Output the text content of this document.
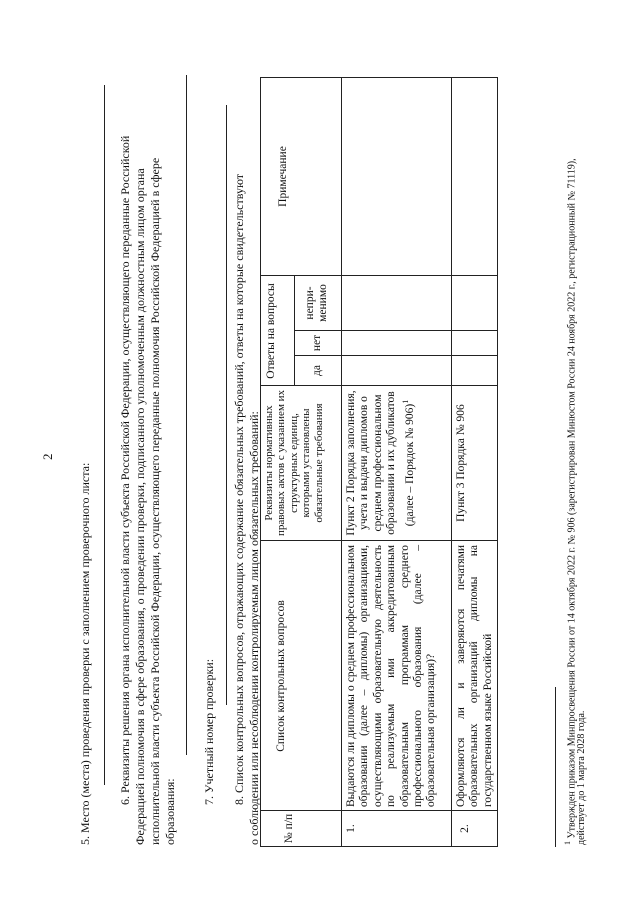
2
5. Место (места) проведения проверки с заполнением проверочного листа: 6. Реквизиты решения органа исполнительной власти субъекта Российской Федерации, осуществляющего переданные Российской Федерацией полномочия в сфере образования, о проведении проверки, подписанного уполномоченным должностным лицом органа исполнительной власти субъекта Российской Федерации, осуществляющего переданные полномочия Российской Федерацией в сфере образования:
7. Учетный номер проверки: 8. Список контрольных вопросов, отражающих содержание обязательных требований, ответы на которые свидетельствуют о соблюдении или несоблюдении контролируемым лицом обязательных требований: № п/п
Список контрольных вопросов
Реквизиты нормативных правовых актов с указанием их структурных единиц, которыми установлены обязательные требования
Ответы на вопросы	да
нет
непри-менимо
Примечание
1.
Выдаются ли дипломы о среднем профессиональном образовании (далее – дипломы) организациями, осуществляющими образовательную деятельность по реализуемым ими аккредитованным образовательным программам среднего профессионального образования (далее – образовательная организация)?
Пункт 2 Порядка заполнения, учета и выдачи дипломов о среднем профессиональном образовании и их дубликатов (далее – Порядок № 906)$^1$
2.
Оформляются ли и заверяются печатями образовательных организаций дипломы на государственном языке Российской
Пункт 3 Порядка № 906
$^1$ Утвержден приказом Минпросвещения России от 14 октября 2022 г. № 906 (зарегистрирован Минюстом России 24 ноября 2022 г., регистрационный № 71119),
действует до 1 марта 2028 года.
